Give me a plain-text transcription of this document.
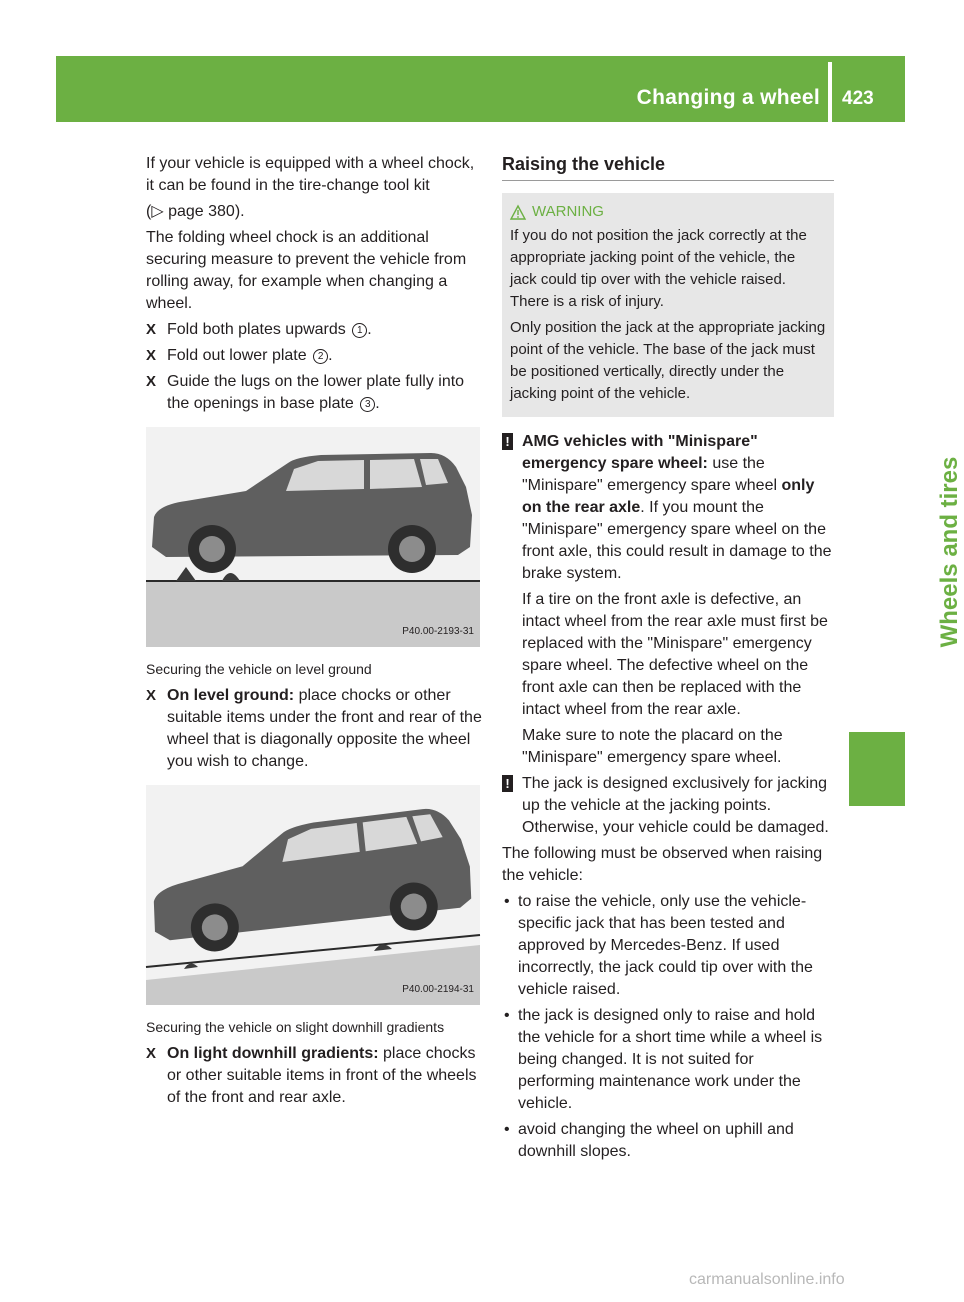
Changing a wheel 423
Wheels and tires

If your vehicle is equipped with a wheel chock, it can be found in the tire-change tool kit

(▷ page 380).

The folding wheel chock is an additional securing measure to prevent the vehicle from rolling away, for example when changing a wheel.

X Fold both plates upwards 1 .
X Fold out lower plate 2 .
X Guide the lugs on the lower plate fully into the openings in base plate 3 .
P40.00-2193-31
Securing the vehicle on level ground
X On level ground: place chocks or other suitable items under the front and rear of the wheel that is diagonally opposite the wheel you wish to change.
P40.00-2194-31
Securing the vehicle on slight downhill gradients
X On light downhill gradients: place chocks or other suitable items in front of the wheels of the front and rear axle.
Raising the vehicle
WARNING

If you do not position the jack correctly at the appropriate jacking point of the vehicle, the jack could tip over with the vehicle raised. There is a risk of injury.

Only position the jack at the appropriate jacking point of the vehicle. The base of the jack must be positioned vertically, directly under the jacking point of the vehicle.

! AMG vehicles with "Minispare" emergency spare wheel: use the "Minispare" emergency spare wheel only on the rear axle. If you mount the "Minispare" emergency spare wheel on the front axle, this could result in damage to the brake system.

If a tire on the front axle is defective, an intact wheel from the rear axle must first be replaced with the "Minispare" emergency spare wheel. The defective wheel on the front axle can then be replaced with the intact wheel from the rear axle.

Make sure to note the placard on the "Minispare" emergency spare wheel.

! The jack is designed exclusively for jacking up the vehicle at the jacking points. Otherwise, your vehicle could be damaged.

The following must be observed when raising the vehicle:

• to raise the vehicle, only use the vehicle-specific jack that has been tested and approved by Mercedes-Benz. If used incorrectly, the jack could tip over with the vehicle raised.
• the jack is designed only to raise and hold the vehicle for a short time while a wheel is being changed. It is not suited for performing maintenance work under the vehicle.
• avoid changing the wheel on uphill and downhill slopes.
carmanualsonline.info
